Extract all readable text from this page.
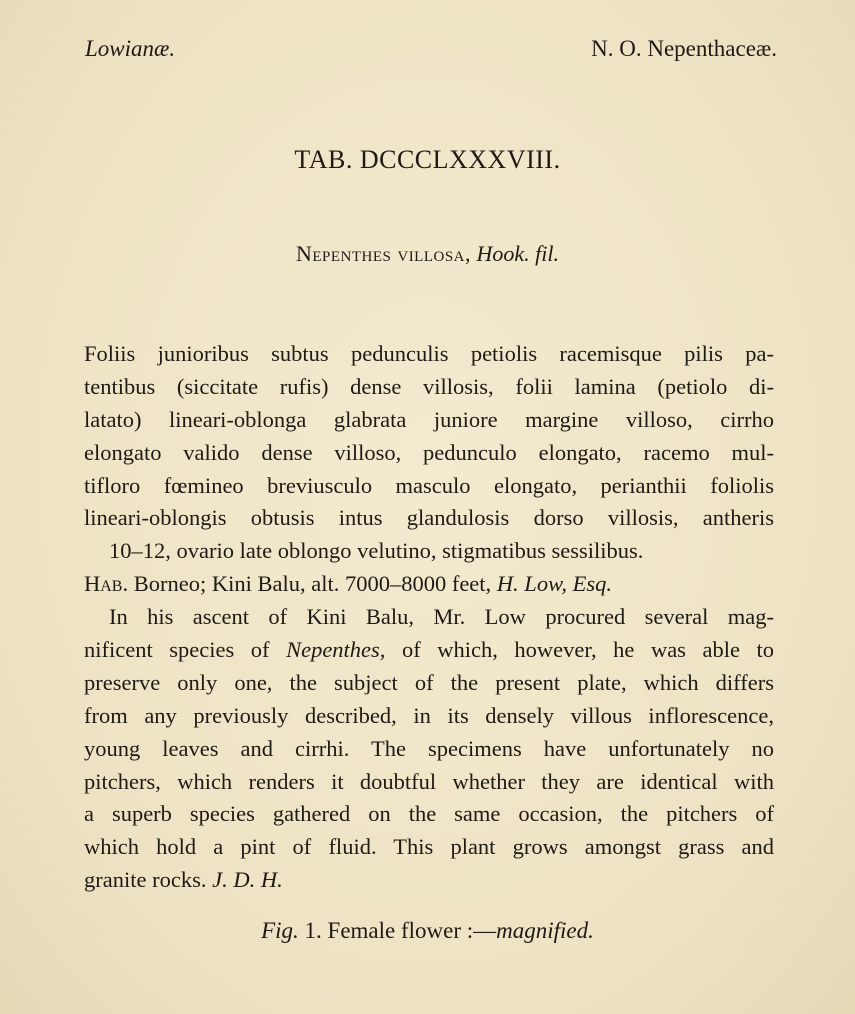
Lowianæ.	N. O. Nepenthaceæ.
TAB. DCCCLXXXVIII.
Nepenthes villosa, Hook. fil.
Foliis junioribus subtus pedunculis petiolis racemisque pilis pa-
tentibus (siccitate rufis) dense villosis, folii lamina (petiolo di-
latato) lineari-oblonga glabrata juniore margine villoso, cirrho
elongato valido dense villoso, pedunculo elongato, racemo mul-
tifloro fœmineo breviusculo masculo elongato, perianthii foliolis
lineari-oblongis obtusis intus glandulosis dorso villosis, antheris
10–12, ovario late oblongo velutino, stigmatibus sessilibus.
Hab. Borneo; Kini Balu, alt. 7000–8000 feet, H. Low, Esq.
In his ascent of Kini Balu, Mr. Low procured several mag-
nificent species of Nepenthes, of which, however, he was able to
preserve only one, the subject of the present plate, which differs
from any previously described, in its densely villous inflorescence,
young leaves and cirrhi. The specimens have unfortunately no
pitchers, which renders it doubtful whether they are identical with
a superb species gathered on the same occasion, the pitchers of
which hold a pint of fluid. This plant grows amongst grass and
granite rocks. J. D. H.
Fig. 1. Female flower :—magnified.
